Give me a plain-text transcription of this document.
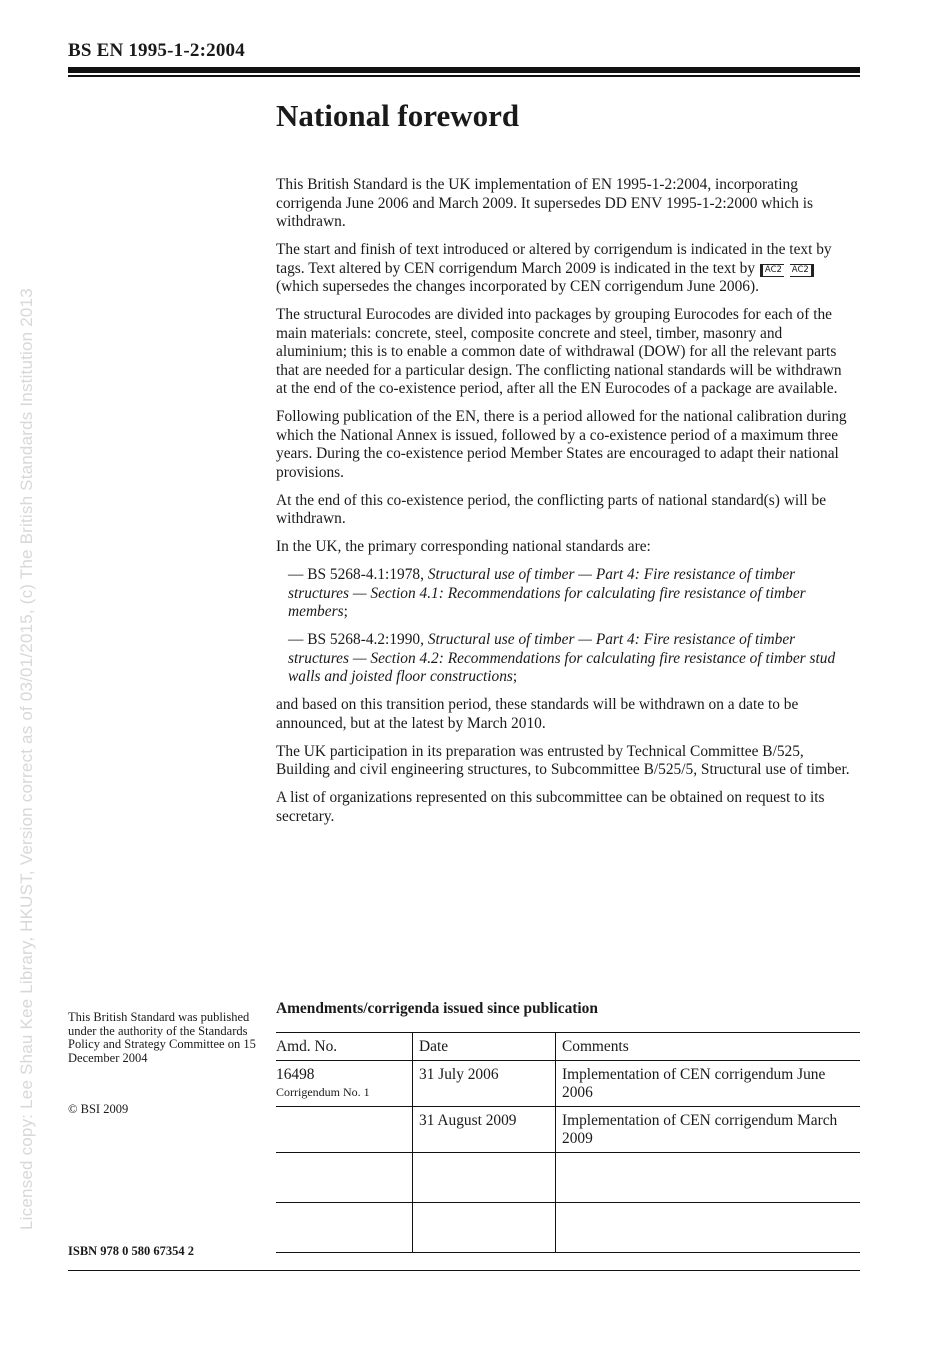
BS EN 1995-1-2:2004
Licensed copy: Lee Shau Kee Library, HKUST, Version correct as of 03/01/2015, (c) The British Standards Institution 2013
National foreword

This British Standard is the UK implementation of EN 1995-1-2:2004, incorporating corrigenda June 2006 and March 2009. It supersedes DD ENV 1995-1-2:2000 which is withdrawn.

The start and finish of text introduced or altered by corrigendum is indicated in the text by tags. Text altered by CEN corrigendum March 2009 is indicated in the text by AC2 AC2 (which supersedes the changes incorporated by CEN corrigendum June 2006).

The structural Eurocodes are divided into packages by grouping Eurocodes for each of the main materials: concrete, steel, composite concrete and steel, timber, masonry and aluminium; this is to enable a common date of withdrawal (DOW) for all the relevant parts that are needed for a particular design. The conflicting national standards will be withdrawn at the end of the co-existence period, after all the EN Eurocodes of a package are available.

Following publication of the EN, there is a period allowed for the national calibration during which the National Annex is issued, followed by a co-existence period of a maximum three years. During the co-existence period Member States are encouraged to adapt their national provisions.

At the end of this co-existence period, the conflicting parts of national standard(s) will be withdrawn.

In the UK, the primary corresponding national standards are:

— BS 5268-4.1:1978, Structural use of timber — Part 4: Fire resistance of timber structures — Section 4.1: Recommendations for calculating fire resistance of timber members;

— BS 5268-4.2:1990, Structural use of timber — Part 4: Fire resistance of timber structures — Section 4.2: Recommendations for calculating fire resistance of timber stud walls and joisted floor constructions;

and based on this transition period, these standards will be withdrawn on a date to be announced, but at the latest by March 2010.

The UK participation in its preparation was entrusted by Technical Committee B/525, Building and civil engineering structures, to Subcommittee B/525/5, Structural use of timber.

A list of organizations represented on this subcommittee can be obtained on request to its secretary.

This British Standard was published under the authority of the Standards Policy and Strategy Committee on 15 December 2004
© BSI 2009
ISBN 978 0 580 67354 2
Amendments/corrigenda issued since publication
Amd. No.	Date	Comments
16498
Corrigendum No. 1	31 July 2006	Implementation of CEN corrigendum June 2006

	31 August 2009	Implementation of CEN corrigendum March 2009
